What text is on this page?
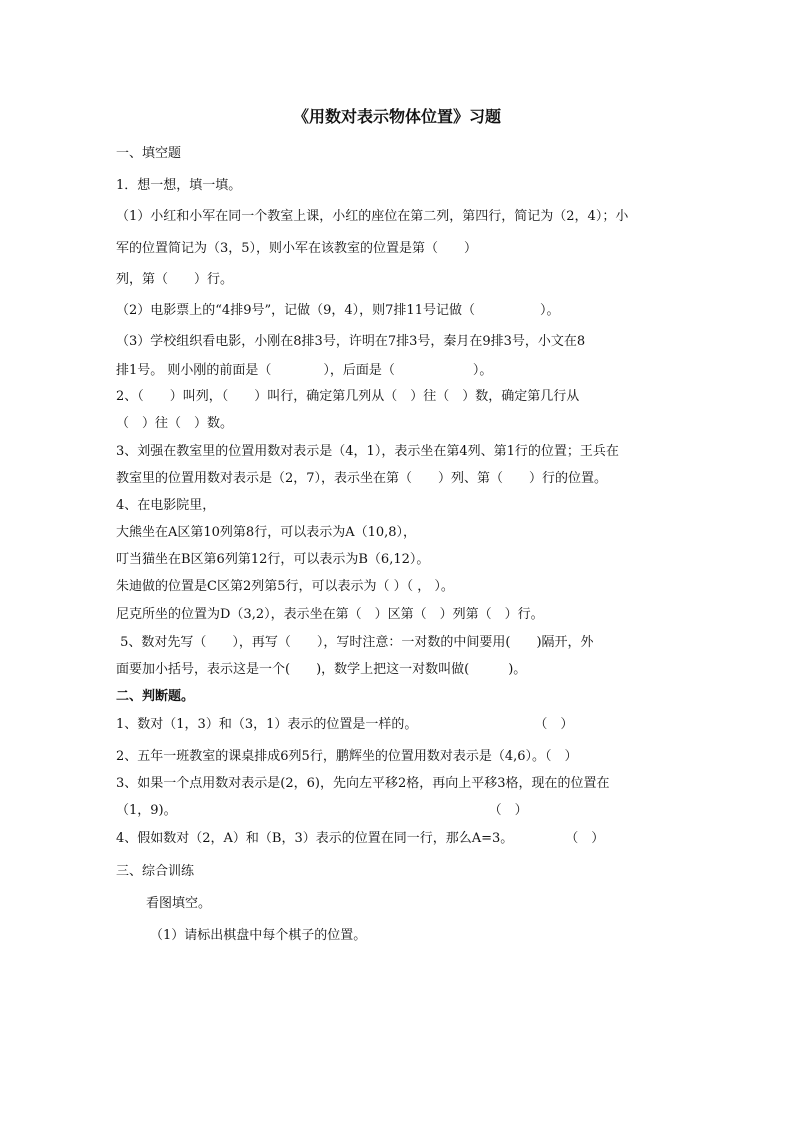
《用数对表示物体位置》习题
一、填空题
1．想一想，填一填。
（1）小红和小军在同一个教室上课，小红的座位在第二列，第四行，简记为（2，4）；小
军的位置简记为（3，5），则小军在该教室的位置是第（　　）
列，第（　　）行。
（2）电影票上的“4排9号”，记做（9，4），则7排11号记做（　　　　　）。
（3）学校组织看电影，小刚在8排3号，许明在7排3号，秦月在9排3号，小文在8
排1号。 则小刚的前面是（　　　　），后面是（　　　　　　）。
2、（　　）叫列，（　　）叫行，确定第几列从（　）往（　）数，确定第几行从
（　）往（　）数。
3、刘强在教室里的位置用数对表示是（4，1），表示坐在第4列、第1行的位置；王兵在
教室里的位置用数对表示是（2，7），表示坐在第（　　）列、第（　　）行的位置。
4、在电影院里，
大熊坐在A区第10列第8行，可以表示为A（10,8），
叮当猫坐在B区第6列第12行，可以表示为B（6,12）。
朱迪做的位置是C区第2列第5行，可以表示为（ ）（ ， ）。
尼克所坐的位置为D（3,2），表示坐在第（　）区第（　）列第（　）行。
5、数对先写（　　），再写（　　），写时注意：一对数的中间要用(　　)隔开，外
面要加小括号，表示这是一个(　　)，数学上把这一对数叫做(　　　)。
二、判断题。
1、数对（1，3）和（3，1）表示的位置是一样的。　　　　　　　　　　（　）
2、五年一班教室的课桌排成6列5行，鹏辉坐的位置用数对表示是（4,6）。（　）
3、如果一个点用数对表示是(2，6)，先向左平移2格，再向上平移3格，现在的位置在
（1，9)。　　　　　　　　　　　　　　　　　　　　　　　　　（　）
4、假如数对（2，A）和（B，3）表示的位置在同一行，那么A=3。　　　　　（　）
三、综合训练
看图填空。
（1）请标出棋盘中每个棋子的位置。
